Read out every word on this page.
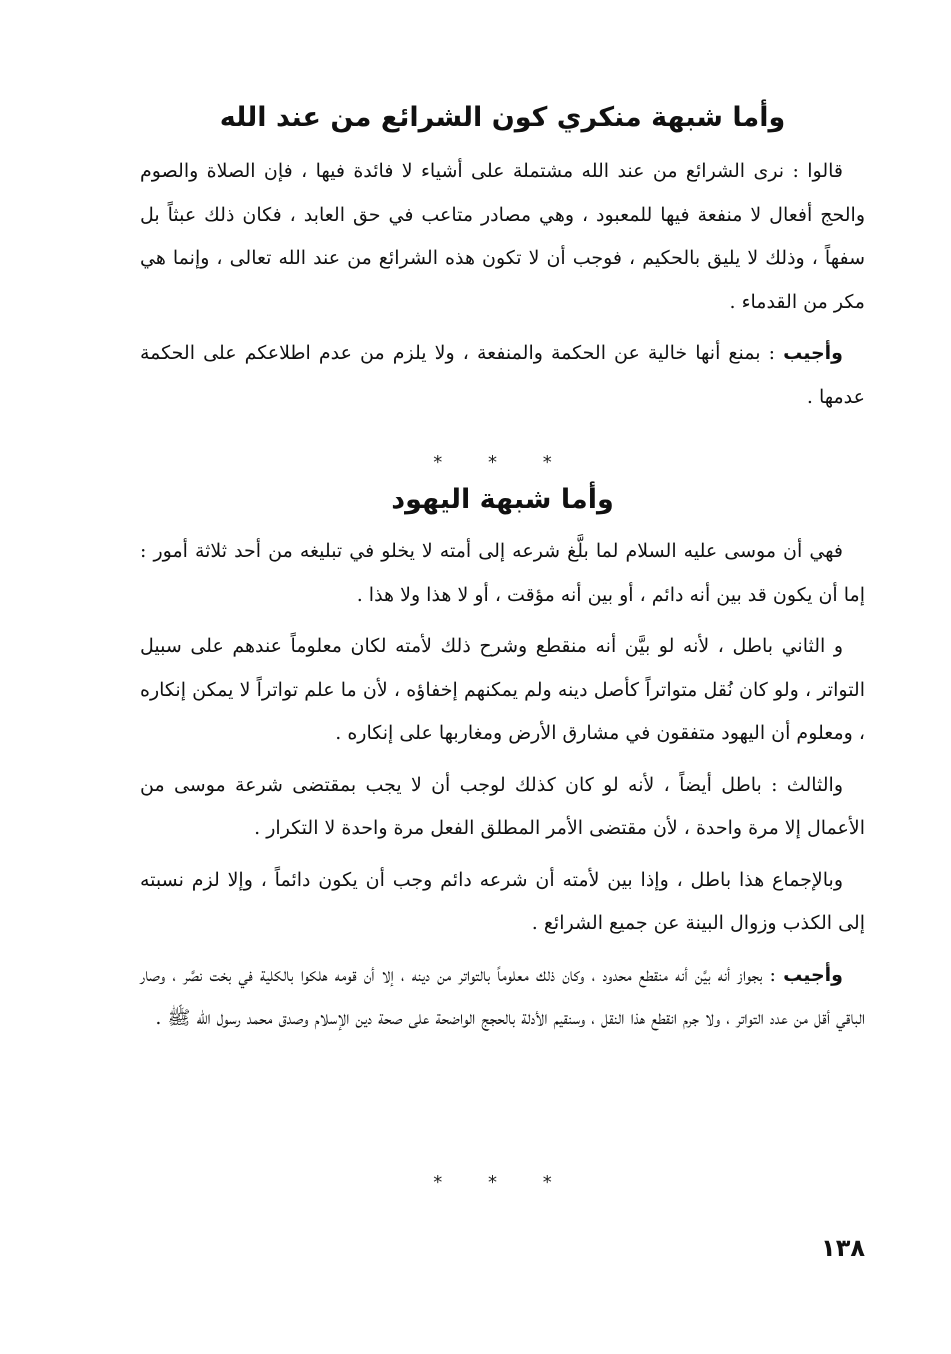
وأما شبهة منكري كون الشرائع من عند الله

قالوا : نرى الشرائع من عند الله مشتملة على أشياء لا فائدة فيها ، فإن الصلاة والصوم والحج أفعال لا منفعة فيها للمعبود ، وهي مصادر متاعب في حق العابد ، فكان ذلك عبثاً بل سفهاً ، وذلك لا يليق بالحكيم ، فوجب أن لا تكون هذه الشرائع من عند الله تعالى ، وإنما هي مكر من القدماء .

وأجيب : بمنع أنها خالية عن الحكمة والمنفعة ، ولا يلزم من عدم اطلاعكم على الحكمة عدمها .

* * *
وأما شبهة اليهود

فهي أن موسى عليه السلام لما بلَّغ شرعه إلى أمته لا يخلو في تبليغه من أحد ثلاثة أمور : إما أن يكون قد بين أنه دائم ، أو بين أنه مؤقت ، أو لا هذا ولا هذا .

و الثاني باطل ، لأنه لو بيَّن أنه منقطع وشرح ذلك لأمته لكان معلوماً عندهم على سبيل التواتر ، ولو كان نُقل متواتراً كأصل دينه ولم يمكنهم إخفاؤه ، لأن ما علم تواتراً لا يمكن إنكاره ، ومعلوم أن اليهود متفقون في مشارق الأرض ومغاربها على إنكاره .

والثالث : باطل أيضاً ، لأنه لو كان كذلك لوجب أن لا يجب بمقتضى شرعة موسى من الأعمال إلا مرة واحدة ، لأن مقتضى الأمر المطلق الفعل مرة واحدة لا التكرار .

وبالإجماع هذا باطل ، وإذا بين لأمته أن شرعه دائم وجب أن يكون دائماً ، وإلا لزم نسبته إلى الكذب وزوال البينة عن جميع الشرائع .

وأجيب : بجواز أنه بيَّن أنه منقطع محدود ، وكان ذلك معلوماً بالتواتر من دينه ، إلا أن قومه هلكوا بالكلية في بخت نصَّر ، وصار الباقي أقل من عدد التواتر ، ولا جرم انقطع هذا النقل ، وسنقيم الأدلة بالحجج الواضحة على صحة دين الإسلام وصدق محمد رسول الله ﷺ .

* * *
١٣٨
